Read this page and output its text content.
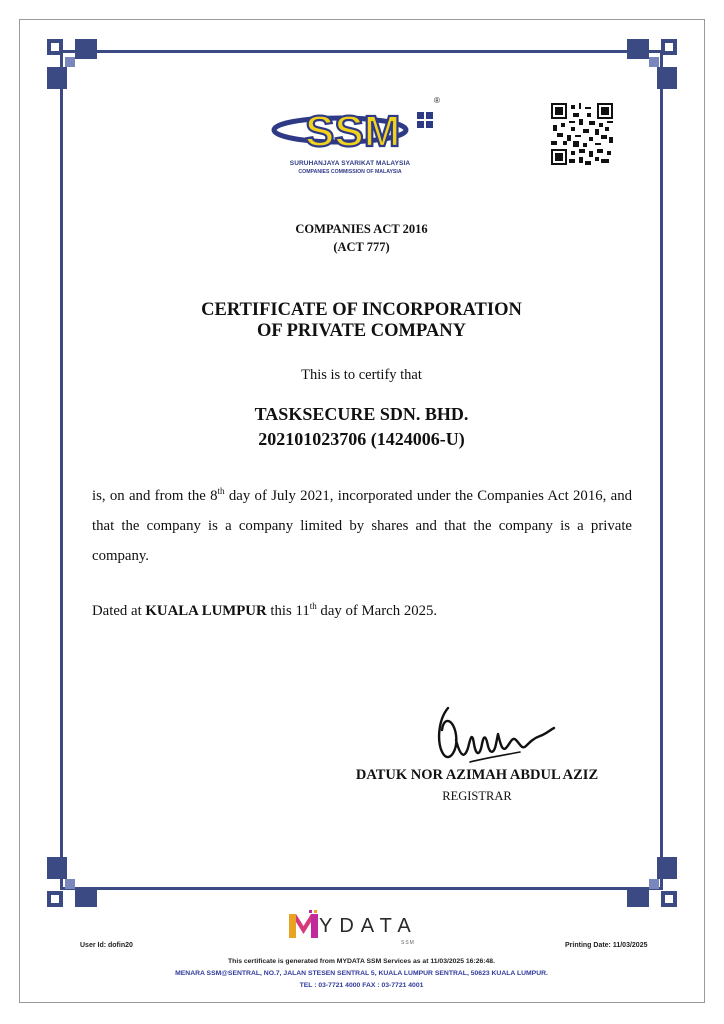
SSM
®
SURUHANJAYA SYARIKAT MALAYSIA
COMPANIES COMMISSION OF MALAYSIA
COMPANIES ACT 2016
(ACT 777)
CERTIFICATE OF INCORPORATION
OF PRIVATE COMPANY
This is to certify that
TASKSECURE SDN. BHD.
202101023706 (1424006-U)

is, on and from the 8th day of July 2021, incorporated under the Companies Act 2016, and that the company is a company limited by shares and that the company is a private company.

Dated at KUALA LUMPUR this 11th day of March 2025.
DATUK NOR AZIMAH ABDUL AZIZ
REGISTRAR
YDATA
SSM
User Id: dofin20	Printing Date: 11/03/2025
This certificate is generated from MYDATA SSM Services as at 11/03/2025 16:26:48.
MENARA SSM@SENTRAL, NO.7, JALAN STESEN SENTRAL 5, KUALA LUMPUR SENTRAL, 50623 KUALA LUMPUR.
TEL : 03-7721 4000 FAX : 03-7721 4001
